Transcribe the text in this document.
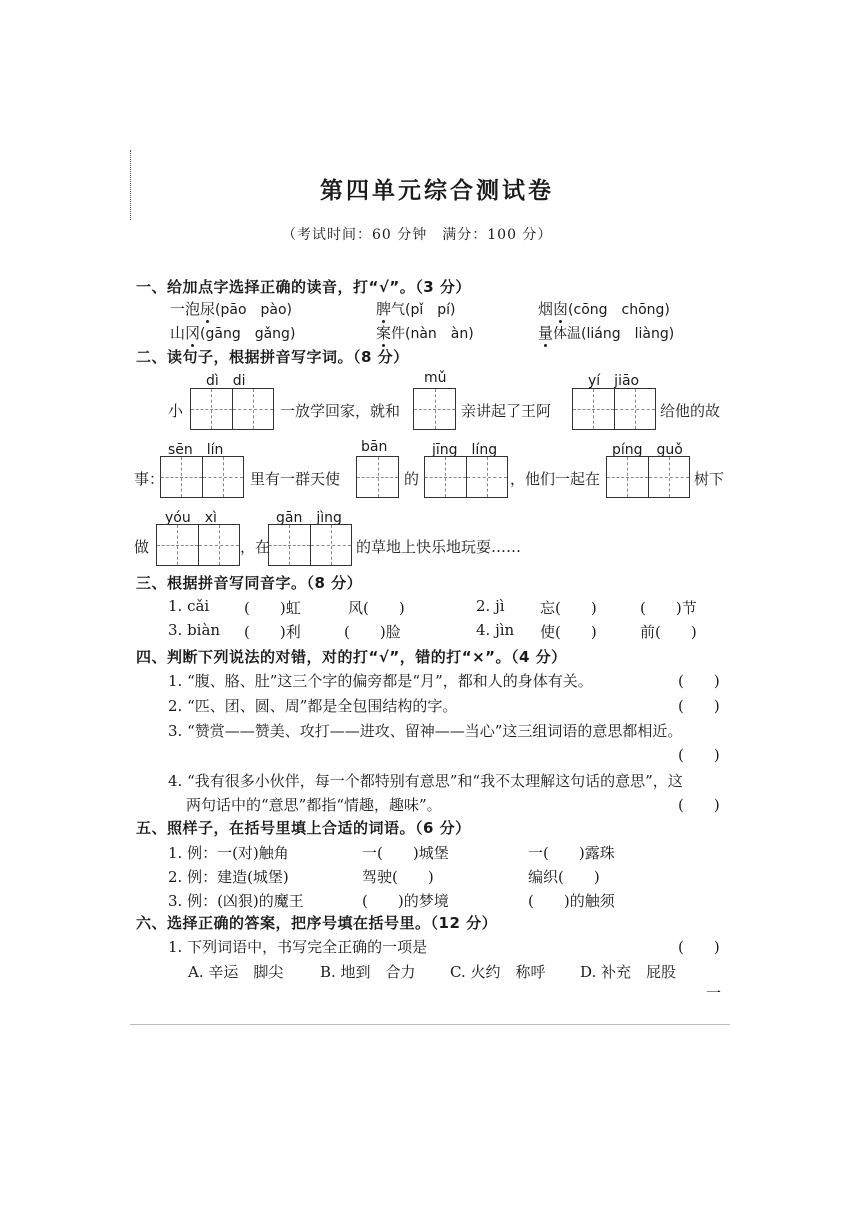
第四单元综合测试卷
（考试时间：60 分钟　满分：100 分）
一、给加点字选择正确的读音，打“√”。（3 分）
一泡尿(pāo　pào)	脾气(pǐ　pí)	烟囱(cōng　chōng)
山冈(gāng　gǎng)	案件(nàn　àn)	量体温(liáng　liàng)
二、读句子，根据拼音写字词。（8 分）
dì　di	mǔ	yí　jiāo
小	一放学回家，就和	亲讲起了王阿	给他的故
sēn　lín	bān	jīng　líng	píng　guǒ
事：	里有一群天使	的	，他们一起在	树下
yóu　xì	gān　jìng
做	，在	的草地上快乐地玩耍……
三、根据拼音写同音字。（8 分）
1. cǎi (　　)虹	风(　　)	2. jì 忘(　　)	(　　)节
3. biàn (　　)利	(　　)脸	4. jìn 使(　　)	前(　　)
四、判断下列说法的对错，对的打“√”，错的打“×”。（4 分）
1. “腹、胳、肚”这三个字的偏旁都是“月”，都和人的身体有关。	(　　)
2. “匹、团、圆、周”都是全包围结构的字。	(　　)
3. “赞赏——赞美、攻打——进攻、留神——当心”这三组词语的意思都相近。
(　　)
4. “我有很多小伙伴，每一个都特别有意思”和“我不太理解这句话的意思”，这
两句话中的“意思”都指“情趣，趣味”。	(　　)
五、照样子，在括号里填上合适的词语。（6 分）
1. 例：一(对)触角	一(　　)城堡	一(　　)露珠
2. 例：建造(城堡)	驾驶(　　)	编织(　　)
3. 例：(凶狠)的魔王	(　　)的梦境	(　　)的触须
六、选择正确的答案，把序号填在括号里。（12 分）
1. 下列词语中，书写完全正确的一项是	(　　)
A. 辛运　脚尖 B. 地到　合力 C. 火约　称呼 D. 补充　屁股
一
